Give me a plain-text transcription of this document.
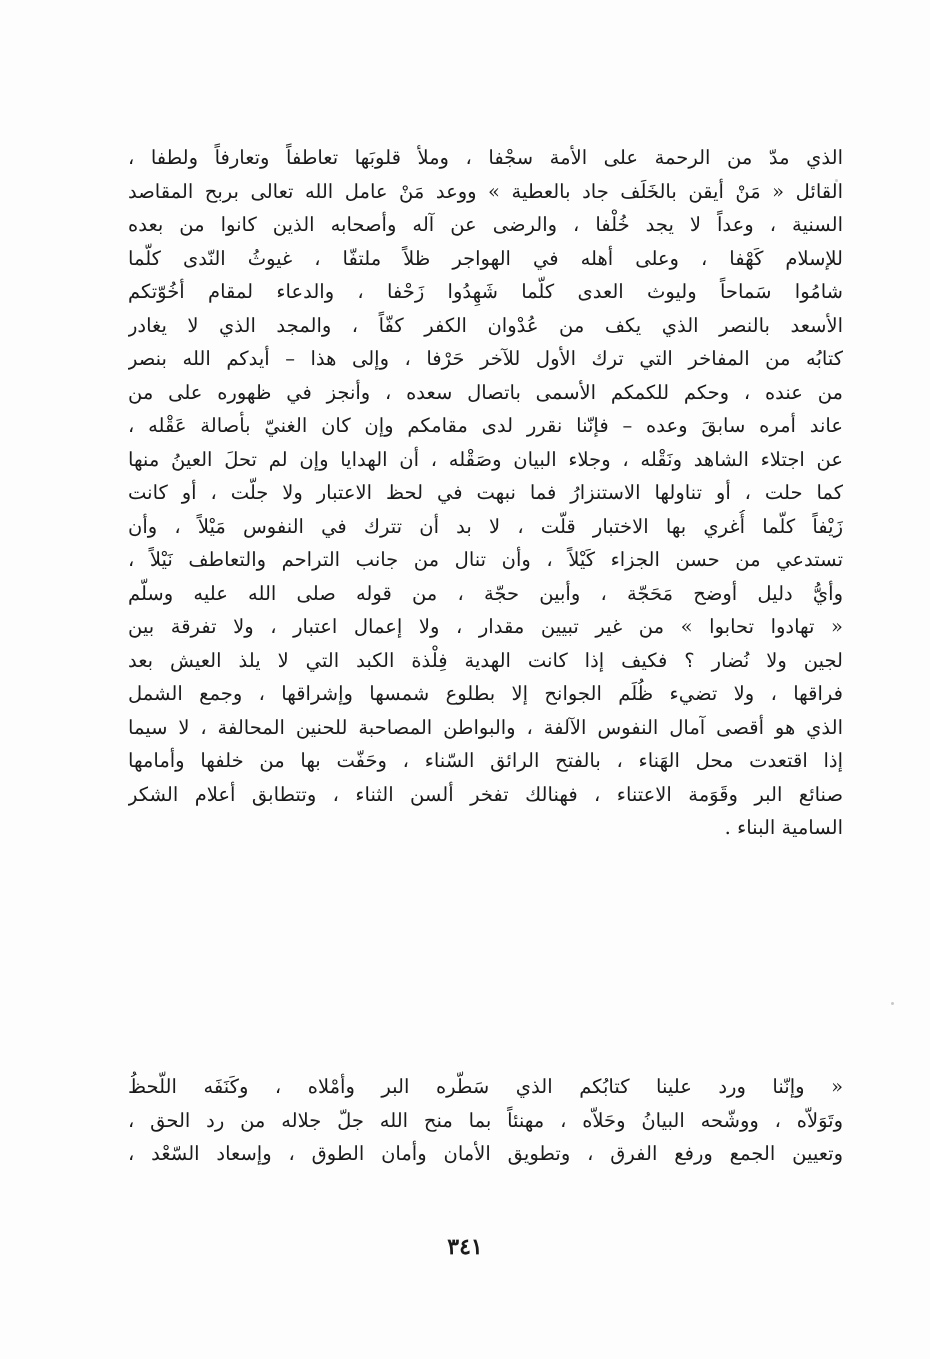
الذي مدّ من الرحمة على الأمة سجْفا ، وملأ قلوبَها تعاطفاً وتعارفاً ولطفا ،
القائل « مَنْ أيقن بالخَلَف جاد بالعطية » ووعد مَنْ عامل الله تعالى بربح المقاصد
السنية ، وعداً لا يجد خُلْفا ، والرضى عن آله وأصحابه الذين كانوا من بعده
للإسلام كَهْفا ، وعلى أهله في الهواجر ظلاً ملتفّا ، غيوثُ النّدى كلّما
شامُوا سَماحاً وليوث العدى كلّما شَهِدُوا زَحْفا ، والدعاء لمقام أخُوّتكم
الأسعد بالنصر الذي يكف من عُدْوان الكفر كفّاً ، والمجد الذي لا يغادر
كتابُه من المفاخر التي ترك الأول للآخر حَرْفا ، وإلى هذا – أيدكم الله بنصر
من عنده ، وحكم للكمكم الأسمى باتصال سعده ، وأنجز في ظهوره على من
عاند أمره سابقَ وعده – فإنّنا نقرر لدى مقامكم وإن كان الغنيّ بأصالة عَقْله ،
عن اجتلاء الشاهد ونَقْله ، وجلاء البيان وصَقْله ، أن الهدايا وإن لم تحلَ العينُ منها
كما حلت ، أو تناولها الاستنزارُ فما نبهت في لحظ الاعتبار ولا جلّت ، أو كانت
زَيْفاً كلّما أُغري بها الاختبار قلّت ، لا بد أن تترك في النفوس مَيْلاً ، وأن
تستدعي من حسن الجزاء كَيْلاً ، وأن تنال من جانب التراحم والتعاطف نَيْلاً ،
وأيُّ دليل أوضح مَحَجّة ، وأبين حجّة ، من قوله صلى الله عليه وسلّم
« تهادوا تحابوا » من غير تبيين مقدار ، ولا إعمال اعتبار ، ولا تفرقة بين
لجين ولا نُضار ؟ فكيف إذا كانت الهدية فِلْذة الكبد التي لا يلذ العيش بعد
فراقها ، ولا تضيء ظُلَم الجوانح إلا بطلوع شمسها وإشراقها ، وجمع الشمل
الذي هو أقصى آمال النفوس الآلفة ، والبواطن المصاحبة للحنين المحالفة ، لا سيما
إذا اقتعدت محل الهَناء ، بالفتح الرائق السّناء ، وحَفّت بها من خلفها وأمامها
صنائع البر وقَوَمة الاعتناء ، فهنالك تفخر ألسن الثناء ، وتتطابق أعلام الشكر
السامية البناء .
« وإنّنا ورد علينا كتابُكم الذي سَطّره البر وأمْلاه ، وكَنَفَه اللّحظُ
وتَوَلاّه ، ووشّحه البيانُ وحَلاّه ، مهنئاً بما منح الله جلّ جلاله من رد الحق ،
وتعيين الجمع ورفع الفرق ، وتطويق الأمان وأمان الطوق ، وإسعاد السّعْد ،
٣٤١
